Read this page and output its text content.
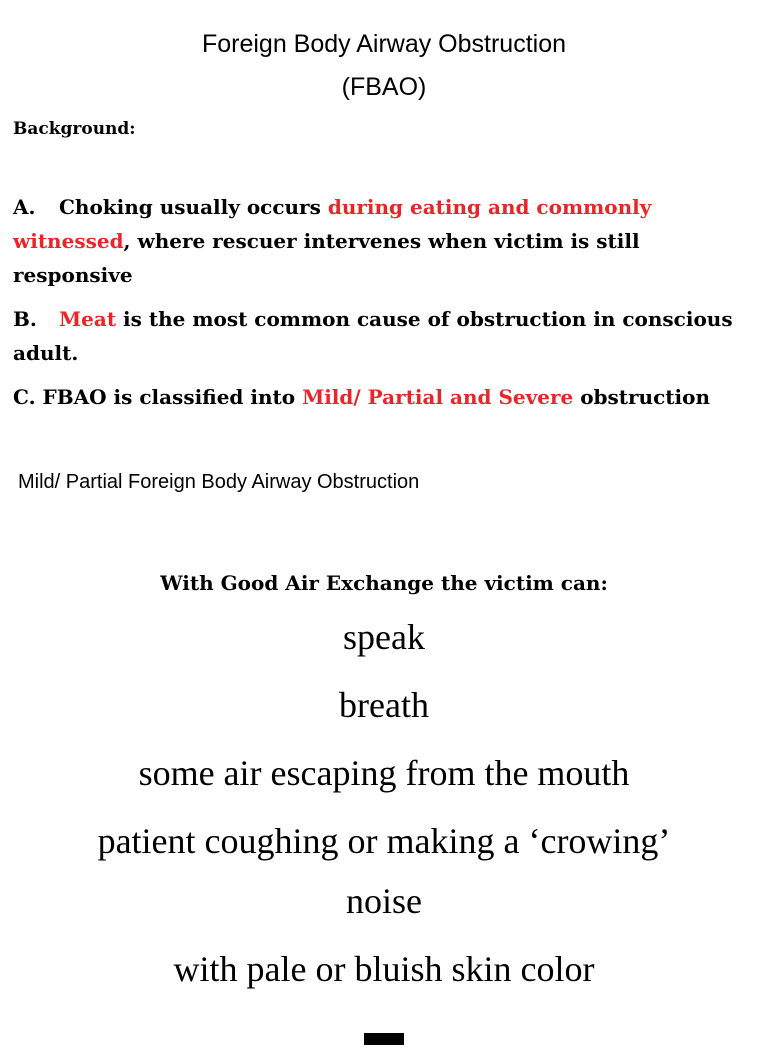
Foreign Body Airway Obstruction
(FBAO)
Background:
A. Choking usually occurs during eating and commonly witnessed, where rescuer intervenes when victim is still responsive
B. Meat is the most common cause of obstruction in conscious adult.
C. FBAO is classified into Mild/ Partial and Severe obstruction
Mild/ Partial Foreign Body Airway Obstruction
With Good Air Exchange the victim can:
speak
breath
some air escaping from the mouth
patient coughing or making a ‘crowing’
noise
with pale or bluish skin color
